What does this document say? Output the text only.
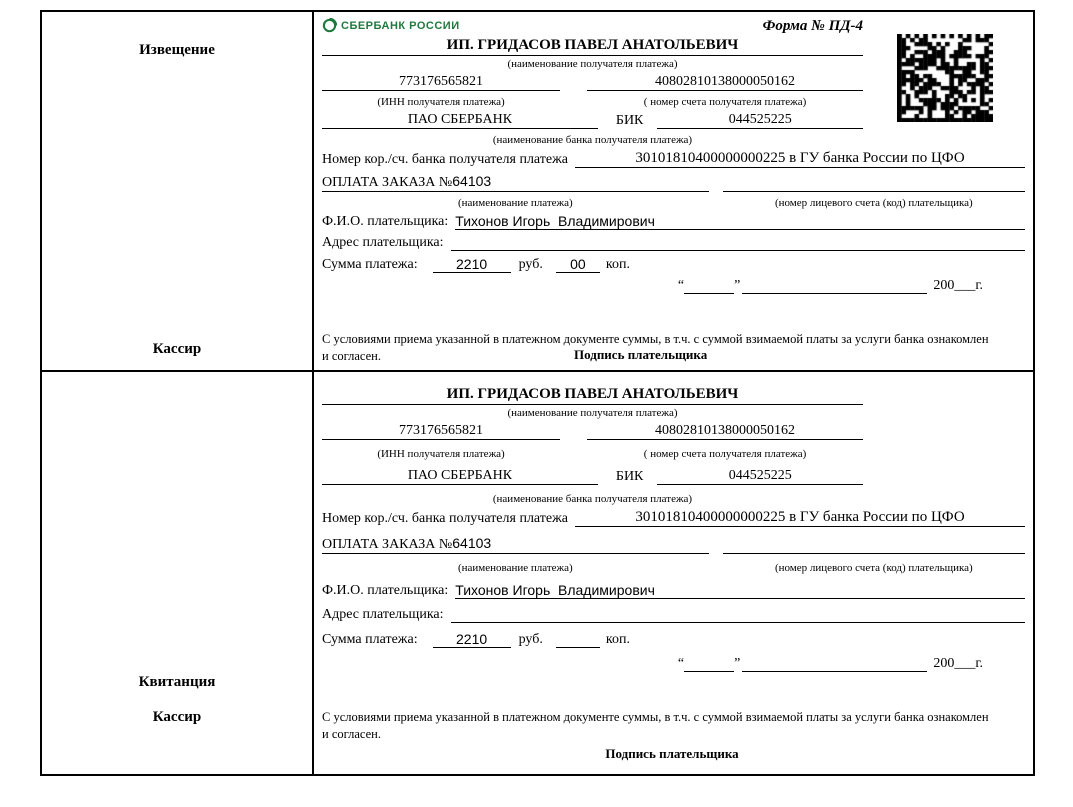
Извещение
Кассир
СБЕРБАНК РОССИИ	Форма № ПД-4
ИП. ГРИДАСОВ ПАВЕЛ АНАТОЛЬЕВИЧ
(наименование получателя платежа)
773176565821	40802810138000050162
(ИНН получателя платежа)	( номер счета получателя платежа)
ПАО СБЕРБАНК	БИК	044525225
(наименование банка получателя платежа)
Номер кор./сч. банка получателя платежа	30101810400000000225 в ГУ банка России по ЦФО
ОПЛАТА ЗАКАЗА №64103
(наименование платежа)	(номер лицевого счета (код) плательщика)
Ф.И.О. плательщика: Тихонов Игорь  Владимирович
Адрес плательщика:
Сумма платежа:	2210	руб.	00	коп.
“	”	200___г.
С условиями приема указанной в платежном документе суммы, в т.ч. с суммой взимаемой платы за услуги банка ознакомлен и согласен.	Подпись плательщика
Квитанция
Кассир
ИП. ГРИДАСОВ ПАВЕЛ АНАТОЛЬЕВИЧ
(наименование получателя платежа)
773176565821	40802810138000050162
(ИНН получателя платежа)	( номер счета получателя платежа)
ПАО СБЕРБАНК	БИК	044525225
(наименование банка получателя платежа)
Номер кор./сч. банка получателя платежа	30101810400000000225 в ГУ банка России по ЦФО
ОПЛАТА ЗАКАЗА №64103
(наименование платежа)	(номер лицевого счета (код) плательщика)
Ф.И.О. плательщика: Тихонов Игорь  Владимирович
Адрес плательщика:
Сумма платежа:	2210	руб.	коп.
“	”	200___г.
С условиями приема указанной в платежном документе суммы, в т.ч. с суммой взимаемой платы за услуги банка ознакомлен и согласен.
Подпись плательщика
